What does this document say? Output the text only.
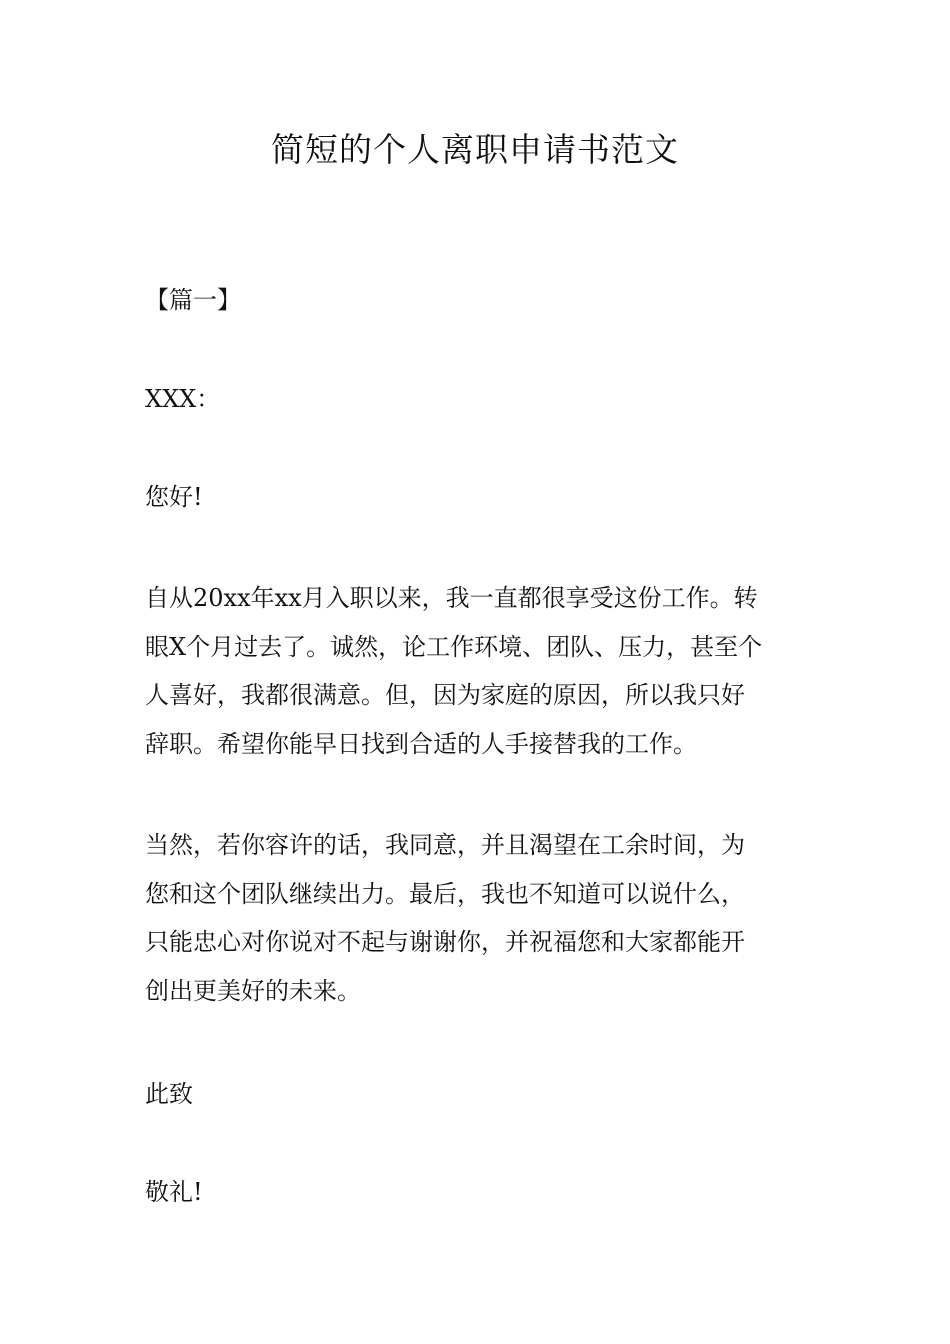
简短的个人离职申请书范文

【篇一】

XXX：

您好!

自从20xx年xx月入职以来，我一直都很享受这份工作。转
眼X个月过去了。诚然，论工作环境、团队、压力，甚至个
人喜好，我都很满意。但，因为家庭的原因，所以我只好
辞职。希望你能早日找到合适的人手接替我的工作。
当然，若你容许的话，我同意，并且渴望在工余时间，为
您和这个团队继续出力。最后，我也不知道可以说什么，
只能忠心对你说对不起与谢谢你，并祝福您和大家都能开
创出更美好的未来。

此致

敬礼!
